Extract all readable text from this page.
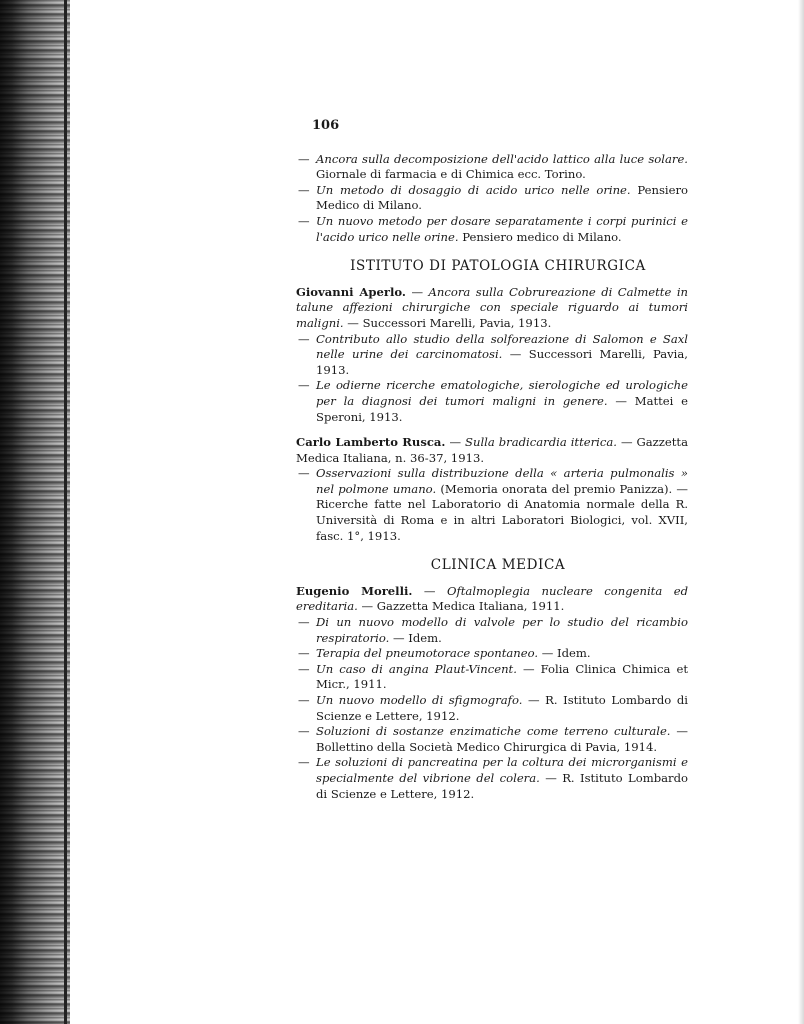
106
— Ancora sulla decomposizione dell'acido lattico alla luce solare. Giornale di farmacia e di Chimica ecc. Torino.
— Un metodo di dosaggio di acido urico nelle orine. Pensiero Medico di Milano.
— Un nuovo metodo per dosare separatamente i corpi purinici e l'acido urico nelle orine. Pensiero medico di Milano.
ISTITUTO DI PATOLOGIA CHIRURGICA
Giovanni Aperlo. — Ancora sulla Cobrureazione di Calmette in talune affezioni chirurgiche con speciale riguardo ai tumori maligni. — Successori Marelli, Pavia, 1913.
— Contributo allo studio della solforeazione di Salomon e Saxl nelle urine dei carcinomatosi. — Successori Marelli, Pavia, 1913.
— Le odierne ricerche ematologiche, sierologiche ed urologiche per la diagnosi dei tumori maligni in genere. — Mattei e Speroni, 1913.
Carlo Lamberto Rusca. — Sulla bradicardia itterica. — Gazzetta Medica Italiana, n. 36-37, 1913.
— Osservazioni sulla distribuzione della « arteria pulmonalis » nel polmone umano. (Memoria onorata del premio Panizza). — Ricerche fatte nel Laboratorio di Anatomia normale della R. Università di Roma e in altri Laboratori Biologici, vol. XVII, fasc. 1°, 1913.
CLINICA MEDICA
Eugenio Morelli. — Oftalmoplegia nucleare congenita ed ereditaria. — Gazzetta Medica Italiana, 1911.
— Di un nuovo modello di valvole per lo studio del ricambio respiratorio. — Idem.
— Terapia del pneumotorace spontaneo. — Idem.
— Un caso di angina Plaut-Vincent. — Folia Clinica Chimica et Micr., 1911.
— Un nuovo modello di sfigmografo. — R. Istituto Lombardo di Scienze e Lettere, 1912.
— Soluzioni di sostanze enzimatiche come terreno culturale. — Bollettino della Società Medico Chirurgica di Pavia, 1914.
— Le soluzioni di pancreatina per la coltura dei microrganismi e specialmente del vibrione del colera. — R. Istituto Lombardo di Scienze e Lettere, 1912.
